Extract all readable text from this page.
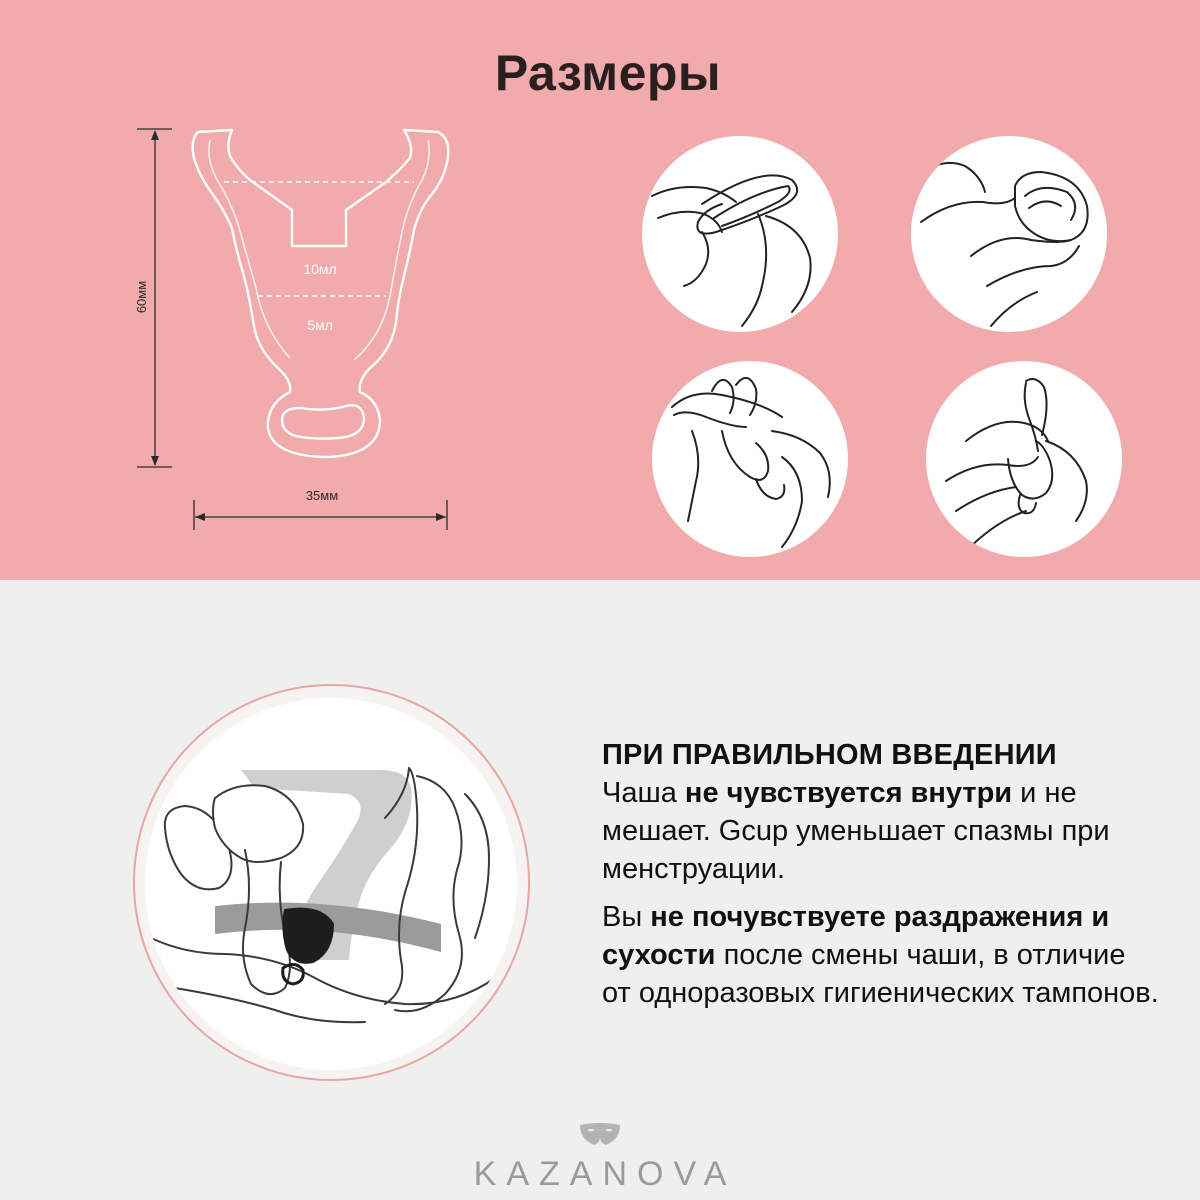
Размеры
60мм
35мм
10мл
5мл
ПРИ ПРАВИЛЬНОМ ВВЕДЕНИИ

Чаша не чувствуется внутри и не мешает. Gcup уменьшает спазмы при менструации.

Вы не почувствуете раздражения и сухости после смены чаши, в отличие от одноразовых гигиенических тампонов.

KAZANOVA
